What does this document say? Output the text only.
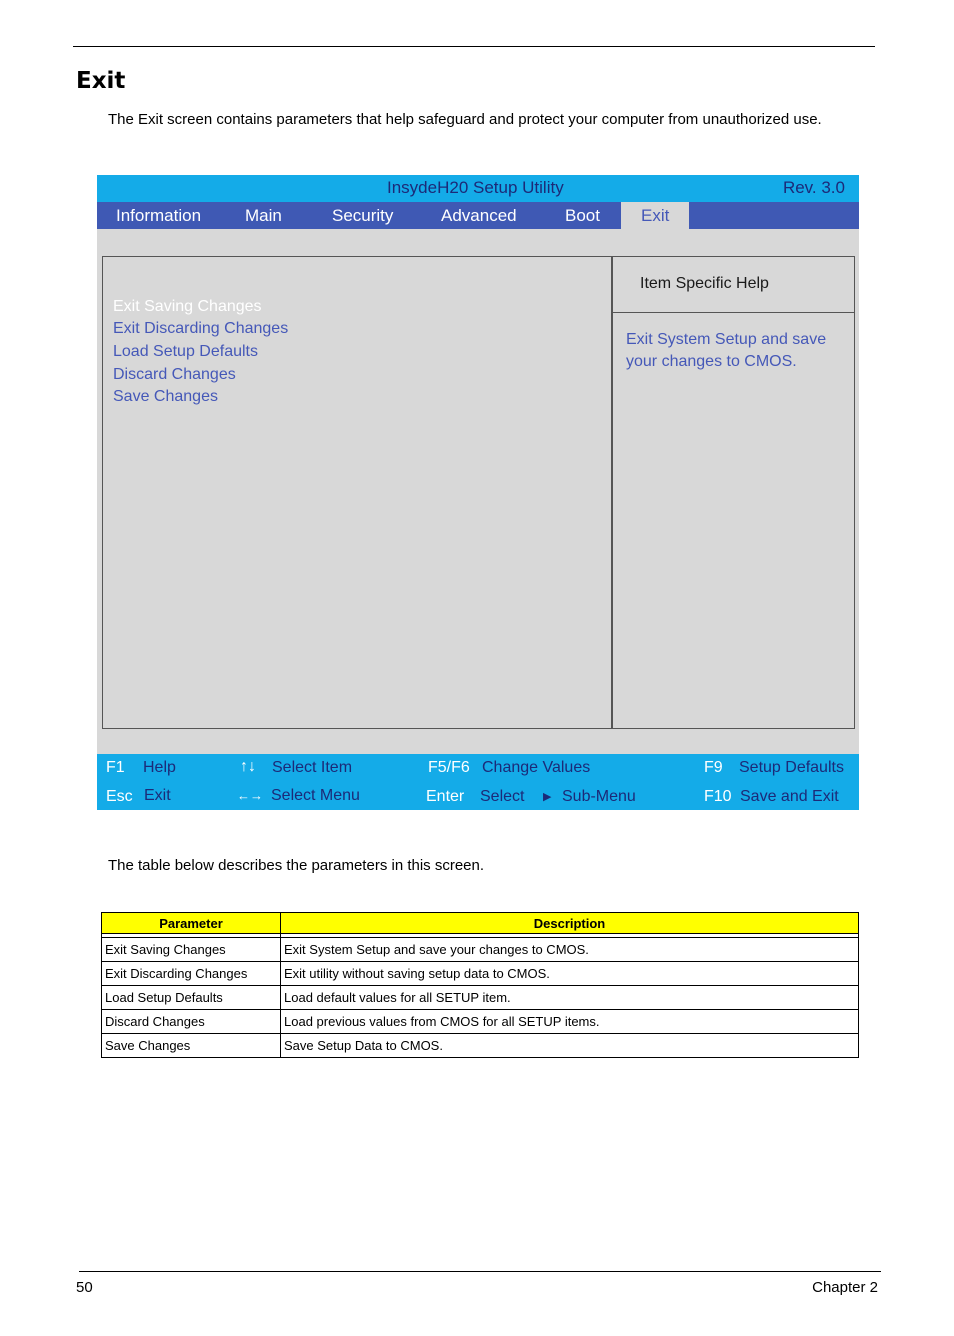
Exit
The Exit screen contains parameters that help safeguard and protect your computer from unauthorized use.
InsydeH20 Setup Utility	Rev. 3.0
Information	Main	Security	Advanced	Boot	Exit
Exit Saving Changes
Exit Discarding Changes
Load Setup Defaults
Discard Changes
Save Changes
Item Specific Help
Exit System Setup and save your changes to CMOS.
F1 Help	↑↓ Select Item	F5/F6 Change Values	F9 Setup Defaults
Esc Exit	←→ Select Menu	Enter Select ▶ Sub-Menu	F10 Save and Exit
The table below describes the parameters in this screen.
Parameter	Description

Exit Saving Changes	Exit System Setup and save your changes to CMOS.
Exit Discarding Changes	Exit utility without saving setup data to CMOS.
Load Setup Defaults	Load default values for all SETUP item.
Discard Changes	Load previous values from CMOS for all SETUP items.
Save Changes	Save Setup Data to CMOS.
50	Chapter 2
